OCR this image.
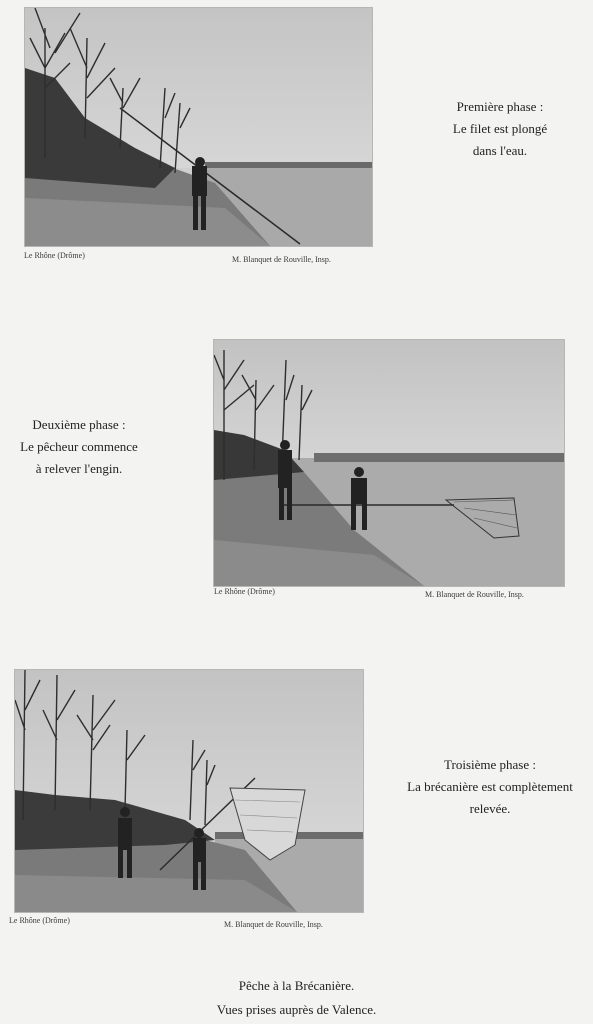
Le Rhône (Drôme)	M. Blanquet de Rouville, Insp.
Première phase :
Le filet est plongé
dans l'eau.
Le Rhône (Drôme)	M. Blanquet de Rouville, Insp.
Deuxième phase :
Le pêcheur commence
à relever l'engin.
Le Rhône (Drôme)	M. Blanquet de Rouville, Insp.
Troisième phase :
La brécanière est complètement
relevée.
Pêche à la Brécanière.
Vues prises auprès de Valence.
